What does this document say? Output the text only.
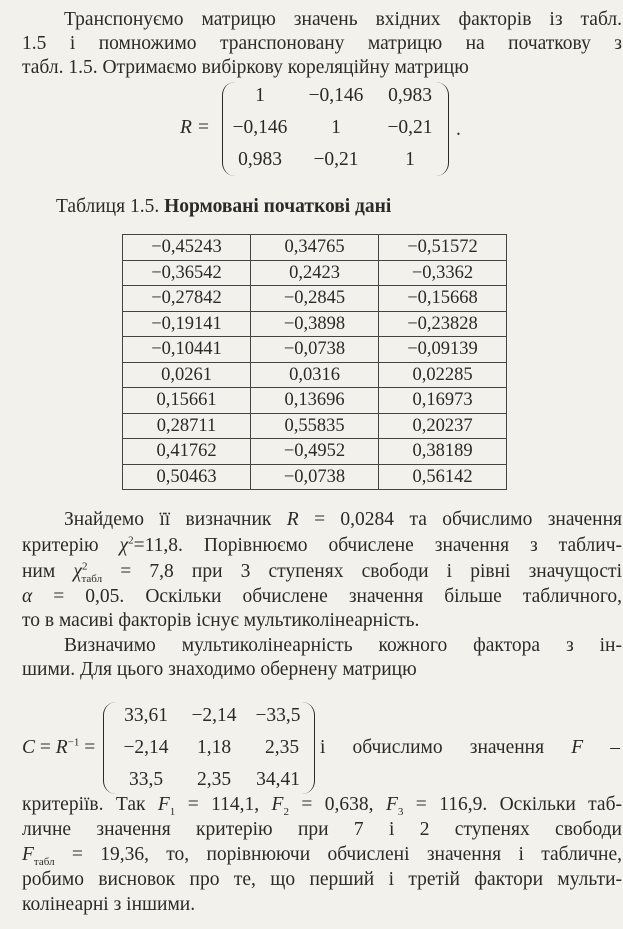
Транспонуємо матрицю значень вхідних факторів із табл.
1.5 і помножимо транспоновану матрицю на початкову з
табл. 1.5. Отримаємо вибіркову кореляційну матрицю
R =
1	−0,146	0,983
−0,146	1	−0,21
0,983	−0,21	1
.
Таблиця 1.5. Нормовані початкові дані
−0,45243	0,34765	−0,51572
−0,36542	0,2423	−0,3362
−0,27842	−0,2845	−0,15668
−0,19141	−0,3898	−0,23828
−0,10441	−0,0738	−0,09139
0,0261	0,0316	0,02285
0,15661	0,13696	0,16973
0,28711	0,55835	0,20237
0,41762	−0,4952	0,38189
0,50463	−0,0738	0,56142
Знайдемо її визначник R = 0,0284 та обчислимо значення
критерію $\chi^2=11,8$. Порівнюємо обчислене значення з таблич-
ним $\chi^2_{табл} = 7,8$ при 3 ступенях свободи і рівні значущості
α = 0,05. Оскільки обчислене значення більше табличного,
то в масиві факторів існує мультиколінеарність.
Визначимо мультиколінеарність кожного фактора з ін-
шими. Для цього знаходимо обернену матрицю
$C = R^{-1}$ =
33,61	−2,14 −33,5
−2,14	1,18	2,35
33,5	2,35	34,41
і обчислимо значення F –
критеріїв. Так $F_1 = 114,1$, $F_2 = 0,638$, $F_3 = 116,9$. Оскільки таб-
личне значення критерію при 7 і 2 ступенях свободи
$F_{табл} = 19,36$, то, порівнюючи обчислені значення і табличне,
робимо висновок про те, що перший і третій фактори мульти-
колінеарні з іншими.
